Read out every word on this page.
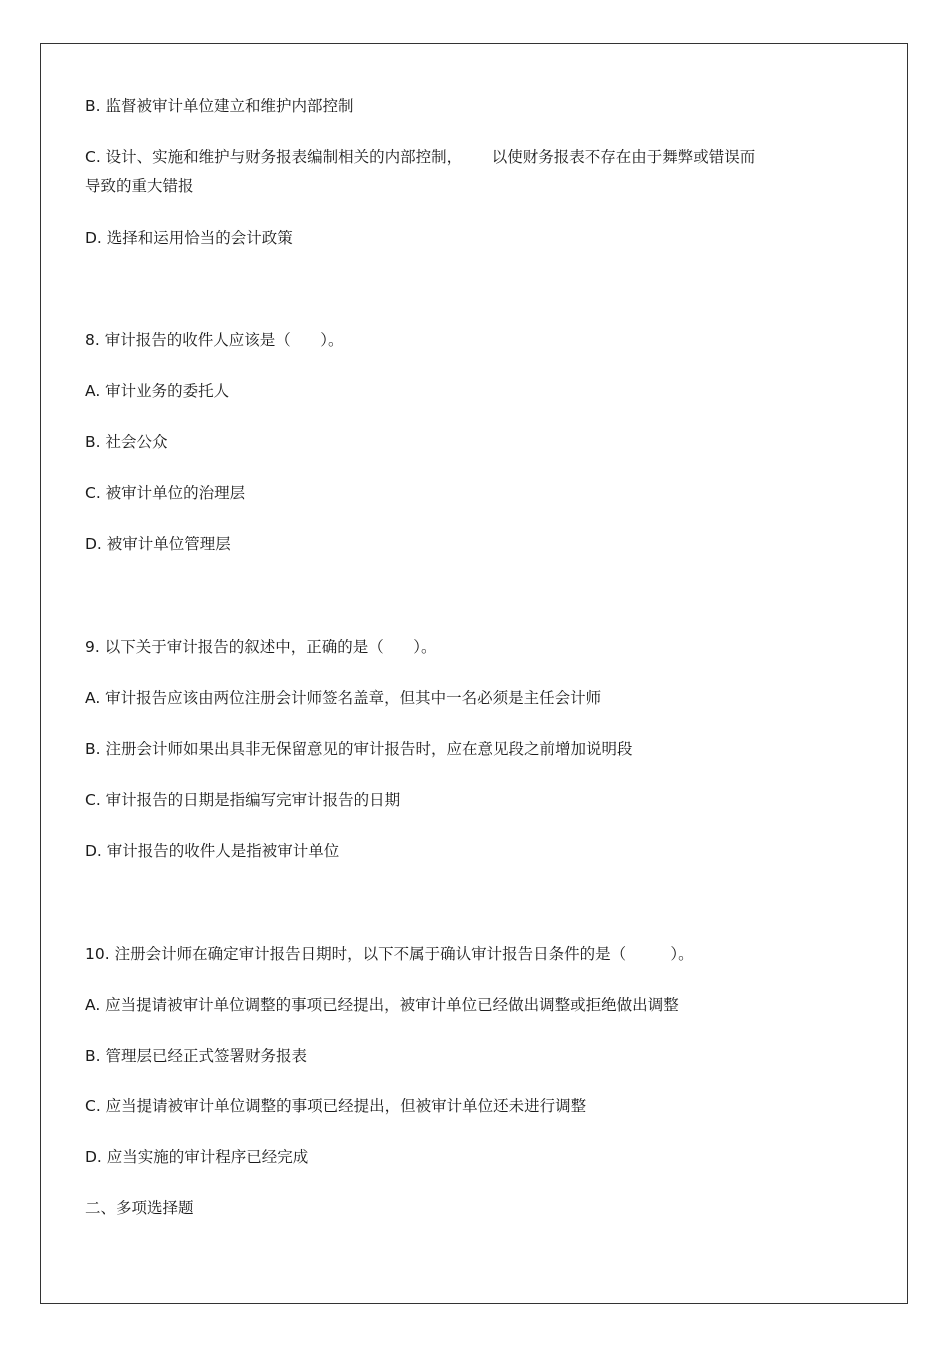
B. 监督被审计单位建立和维护内部控制
C. 设计、实施和维护与财务报表编制相关的内部控制，      以使财务报表不存在由于舞弊或错误而
导致的重大错报
D. 选择和运用恰当的会计政策
8. 审计报告的收件人应该是（      ）。
A. 审计业务的委托人
B. 社会公众
C. 被审计单位的治理层
D. 被审计单位管理层
9. 以下关于审计报告的叙述中，正确的是（      ）。
A. 审计报告应该由两位注册会计师签名盖章，但其中一名必须是主任会计师
B. 注册会计师如果出具非无保留意见的审计报告时，应在意见段之前增加说明段
C. 审计报告的日期是指编写完审计报告的日期
D. 审计报告的收件人是指被审计单位
10. 注册会计师在确定审计报告日期时，以下不属于确认审计报告日条件的是（         ）。
A. 应当提请被审计单位调整的事项已经提出，被审计单位已经做出调整或拒绝做出调整
B. 管理层已经正式签署财务报表
C. 应当提请被审计单位调整的事项已经提出，但被审计单位还未进行调整
D. 应当实施的审计程序已经完成
二、多项选择题
